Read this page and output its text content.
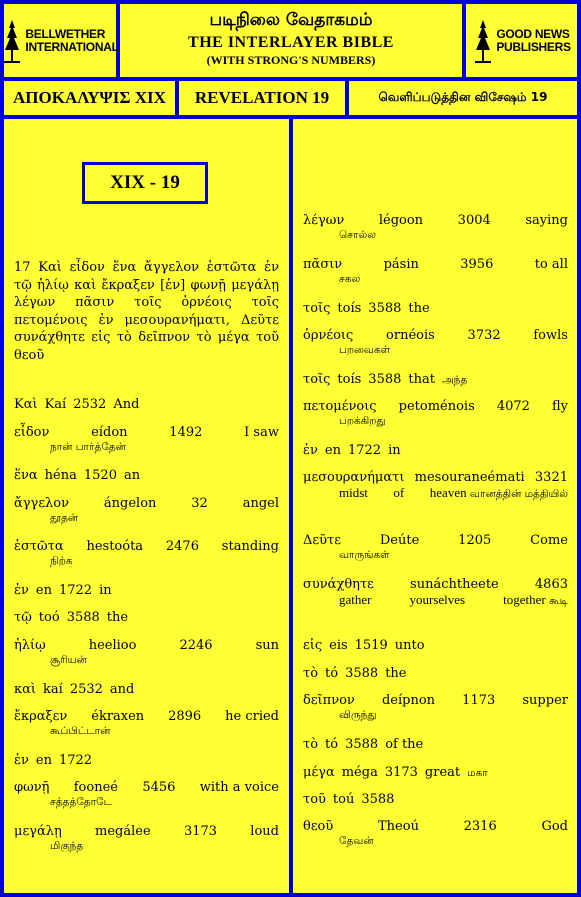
BELLWETHER
INTERNATIONAL
படிநிலை வேதாகமம்
THE INTERLAYER BIBLE
(WITH STRONG'S NUMBERS)
GOOD NEWS
PUBLISHERS
ΑΠΟΚΑΛΥΨΙΣ XIX	REVELATION 19	வெளிப்படுத்தின விசேஷம் 19
XIX - 19
17 Καὶ εἶδον ἕνα ἄγγελον ἑστῶτα ἐν τῷ ἡλίῳ καὶ ἔκραξεν [ἐν] φωνῇ μεγάλῃ λέγων πᾶσιν τοῖς ὀρνέοις τοῖς πετομένοις ἐν μεσουρανήματι, Δεῦτε συνάχθητε εἰς τὸ δεῖπνον τὸ μέγα τοῦ θεοῦ
Καὶ Kaí 2532 And
εἶδον	eídon	1492	I saw
நான் பார்த்தேன்
ἕνα héna 1520 an
ἄγγελον	ángelon	32	angel
தூதன்
ἑστῶτα hestoóta 2476 standing
நிற்க
ἐν en 1722 in
τῷ toó 3588 the
ἡλίῳ	heelioo	2246	sun
சூரியன்
καὶ kaí 2532 and
ἔκραξεν ékraxen 2896 he cried
கூப்பிட்டான்
ἐν en 1722
φωνῇ fooneé 5456 with a voice
சத்தத்தோடே
μεγάλῃ	megálee	3173	loud
மிகுந்த
λέγων	légoon	3004	saying
சொல்ல
πᾶσιν	pásin	3956	to all
சகல
τοῖς toís 3588 the
ὀρνέοις	ornéois	3732	fowls
பறவைகள்
τοῖς toís 3588 that அந்த
πετομένοις petoménois 4072 fly
பறக்கிறது
ἐν en 1722 in
μεσουρανήματι mesouraneémati 3321
midst of heaven வானத்தின் மத்தியில்
Δεῦτε	Deúte	1205	Come
வாருங்கள்
συνάχθητε	sunáchtheete	4863
gather	yourselves	together கூடி
εἰς eis 1519 unto
τὸ tó 3588 the
δεῖπνον deípnon 1173 supper
விருந்து
τὸ tó 3588 of the
μέγα méga 3173 great மகா
τοῦ toú 3588
θεοῦ	Theoú	2316	God
தேவன்
